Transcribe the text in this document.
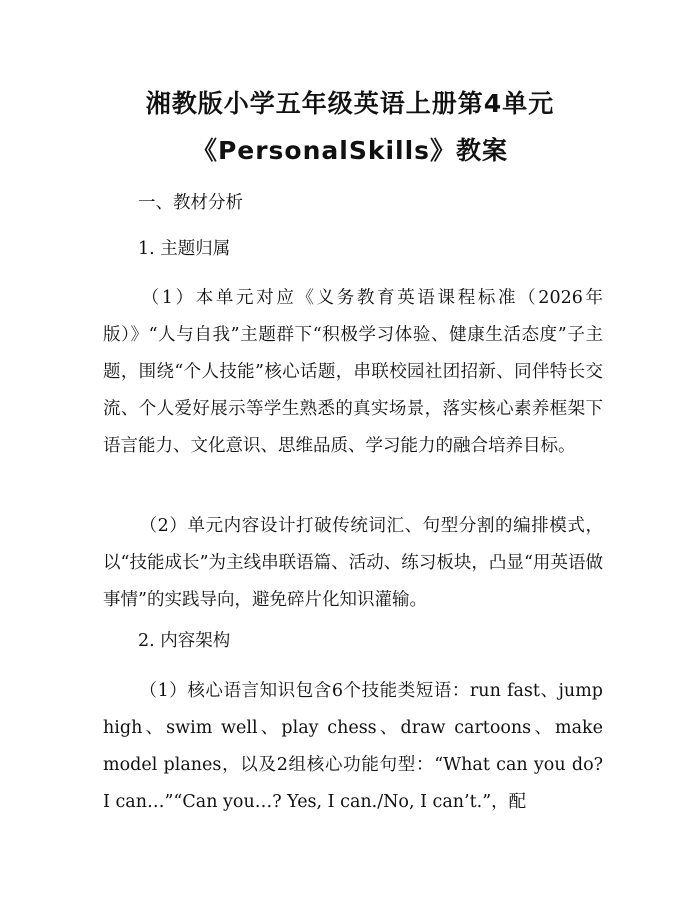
湘教版小学五年级英语上册第4单元
《PersonalSkills》教案
一、教材分析
1. 主题归属
（1）本单元对应《义务教育英语课程标准（2026年版）》“人与自我”主题群下“积极学习体验、健康生活态度”子主题，围绕“个人技能”核心话题，串联校园社团招新、同伴特长交流、个人爱好展示等学生熟悉的真实场景，落实核心素养框架下语言能力、文化意识、思维品质、学习能力的融合培养目标。
（2）单元内容设计打破传统词汇、句型分割的编排模式，以“技能成长”为主线串联语篇、活动、练习板块，凸显“用英语做事情”的实践导向，避免碎片化知识灌输。
2. 内容架构
（1）核心语言知识包含6个技能类短语：run fast、jump high、swim well、play chess、draw cartoons、make model planes，以及2组核心功能句型：“What can you do? I can…”“Can you…? Yes, I can./No, I can’t.”，配
